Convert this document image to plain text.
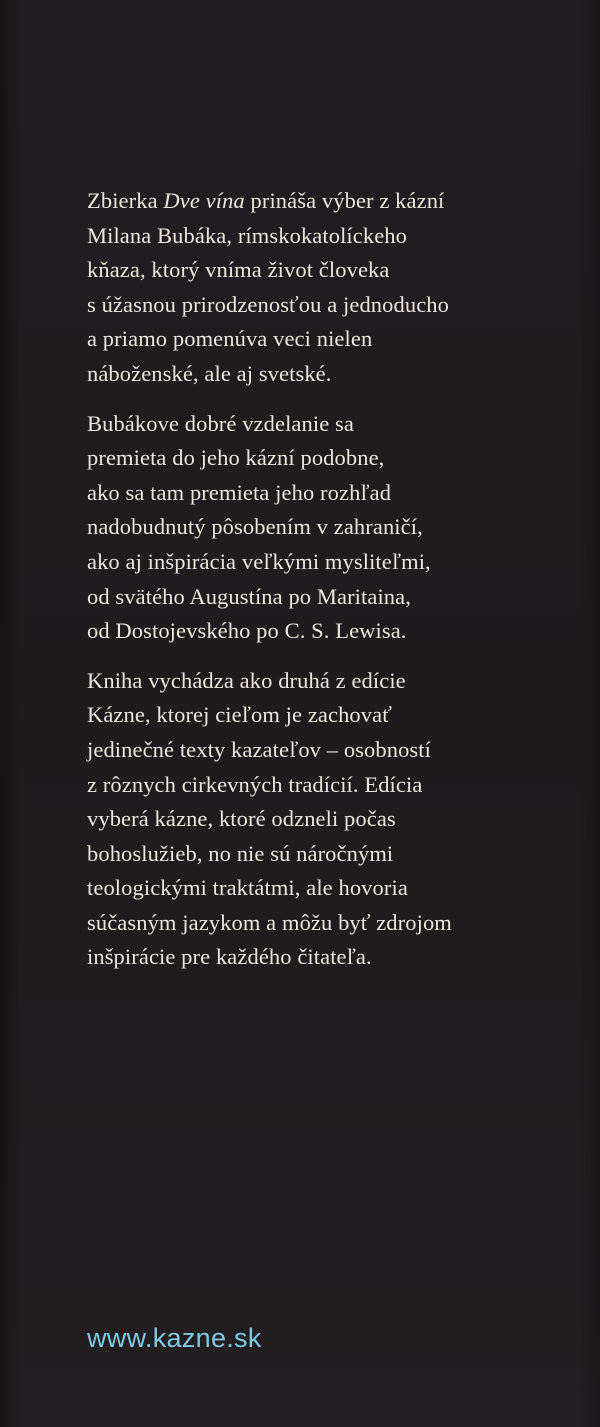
Zbierka Dve vína prináša výber z kázní
Milana Bubáka, rímskokatolíckeho
kňaza, ktorý vníma život človeka
s úžasnou prirodzenosťou a jednoducho
a priamo pomenúva veci nielen
náboženské, ale aj svetské.

Bubákove dobré vzdelanie sa
premieta do jeho kázní podobne,
ako sa tam premieta jeho rozhľad
nadobudnutý pôsobením v zahraničí,
ako aj inšpirácia veľkými mysliteľmi,
od svätého Augustína po Maritaina,
od Dostojevského po C. S. Lewisa.

Kniha vychádza ako druhá z edície
Kázne, ktorej cieľom je zachovať
jedinečné texty kazateľov – osobností
z rôznych cirkevných tradícií. Edícia
vyberá kázne, ktoré odzneli počas
bohoslužieb, no nie sú náročnými
teologickými traktátmi, ale hovoria
súčasným jazykom a môžu byť zdrojom
inšpirácie pre každého čitateľa.

www.kazne.sk
